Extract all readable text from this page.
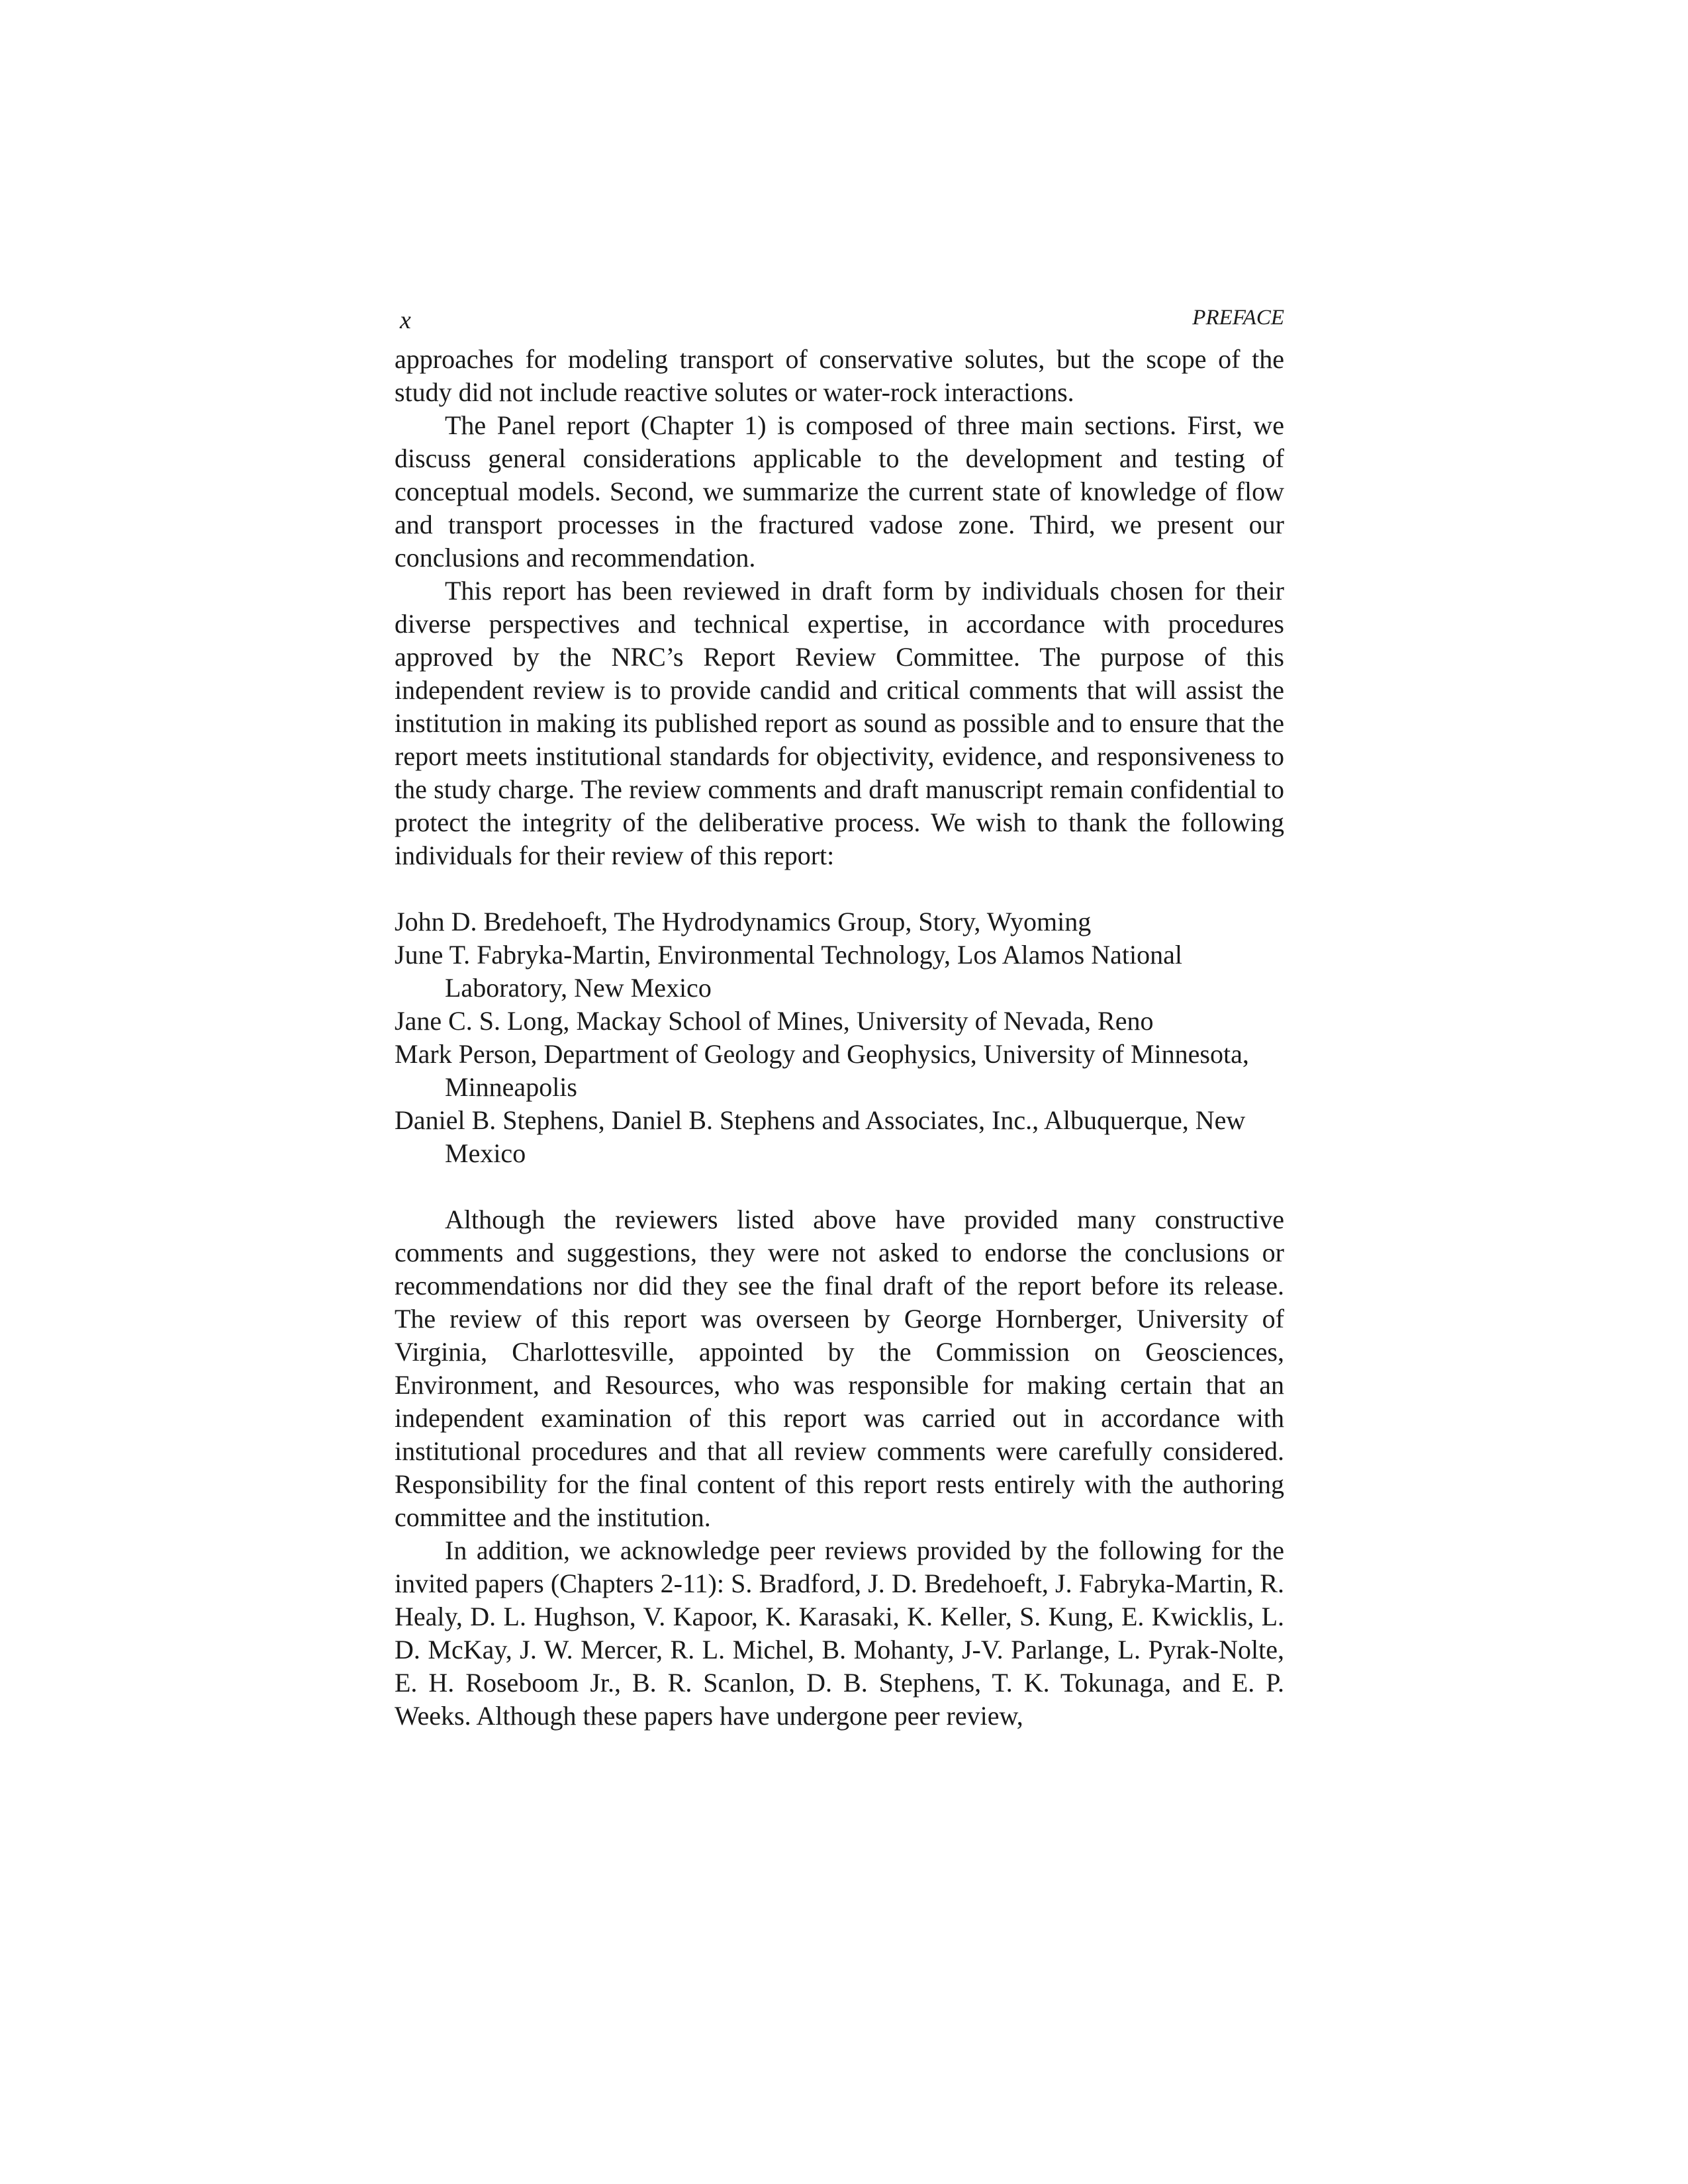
x	PREFACE

approaches for modeling transport of conservative solutes, but the scope of the study did not include reactive solutes or water-rock interactions.

The Panel report (Chapter 1) is composed of three main sections. First, we discuss general considerations applicable to the development and testing of conceptual models. Second, we summarize the current state of knowledge of flow and transport processes in the fractured vadose zone. Third, we present our conclusions and recommendation.

This report has been reviewed in draft form by individuals chosen for their diverse perspectives and technical expertise, in accordance with procedures approved by the NRC’s Report Review Committee. The purpose of this independent review is to provide candid and critical comments that will assist the institution in making its published report as sound as possible and to ensure that the report meets institutional standards for objectivity, evidence, and responsiveness to the study charge. The review comments and draft manuscript remain confidential to protect the integrity of the deliberative process. We wish to thank the following individuals for their review of this report:

John D. Bredehoeft, The Hydrodynamics Group, Story, Wyoming
June T. Fabryka-Martin, Environmental Technology, Los Alamos National Laboratory, New Mexico
Jane C. S. Long, Mackay School of Mines, University of Nevada, Reno
Mark Person, Department of Geology and Geophysics, University of Minnesota, Minneapolis
Daniel B. Stephens, Daniel B. Stephens and Associates, Inc., Albuquerque, New Mexico

Although the reviewers listed above have provided many constructive comments and suggestions, they were not asked to endorse the conclusions or recommendations nor did they see the final draft of the report before its release. The review of this report was overseen by George Hornberger, University of Virginia, Charlottesville, appointed by the Commission on Geosciences, Environment, and Resources, who was responsible for making certain that an independent examination of this report was carried out in accordance with institutional procedures and that all review comments were carefully considered. Responsibility for the final content of this report rests entirely with the authoring committee and the institution.

In addition, we acknowledge peer reviews provided by the following for the invited papers (Chapters 2-11): S. Bradford, J. D. Bredehoeft, J. Fabryka-Martin, R. Healy, D. L. Hughson, V. Kapoor, K. Karasaki, K. Keller, S. Kung, E. Kwicklis, L. D. McKay, J. W. Mercer, R. L. Michel, B. Mohanty, J-V. Parlange, L. Pyrak-Nolte, E. H. Roseboom Jr., B. R. Scanlon, D. B. Stephens, T. K. Tokunaga, and E. P. Weeks. Although these papers have undergone peer review,
